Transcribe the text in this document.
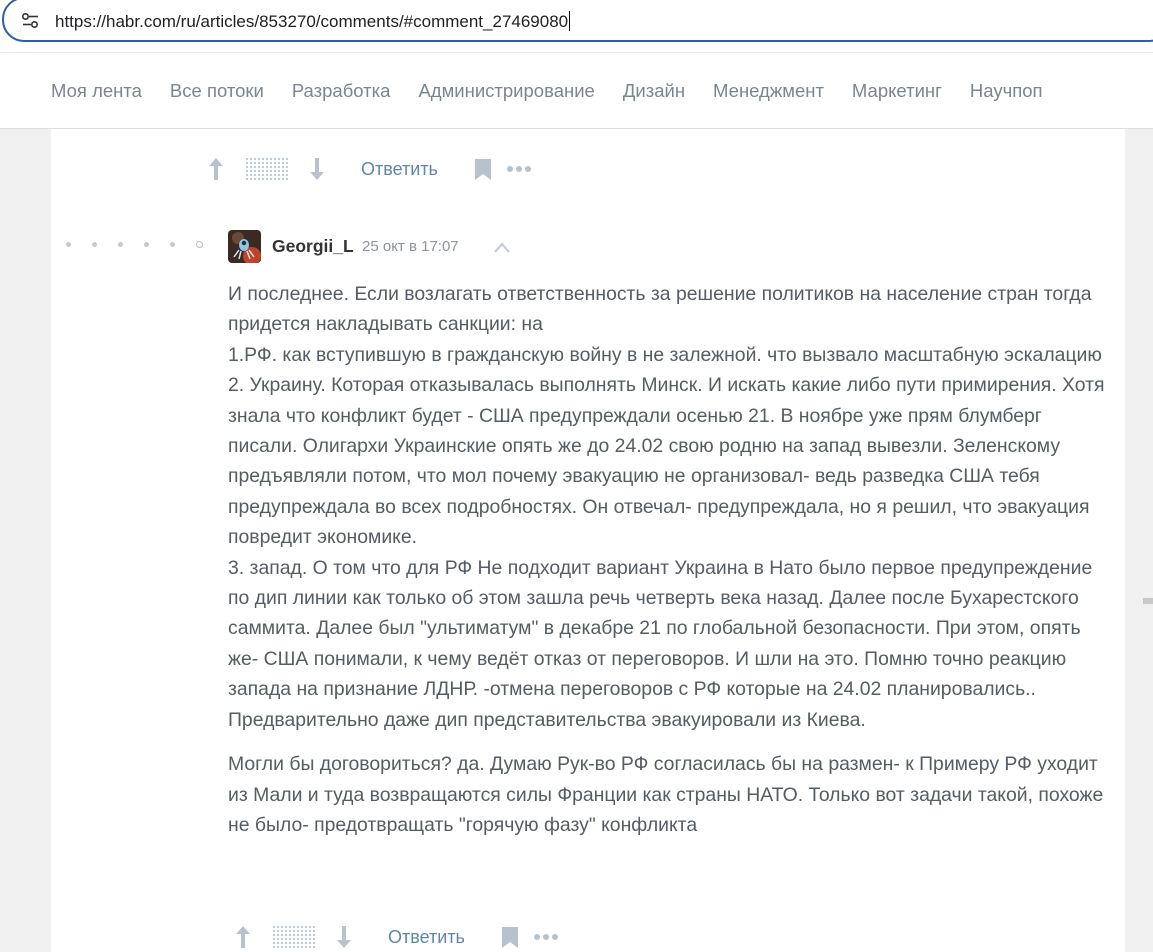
https://habr.com/ru/articles/853270/comments/#comment_27469080
Моя лента Все потоки Разработка Администрирование Дизайн Менеджмент Маркетинг Научпоп
Ответить
Georgii_L 25 окт в 17:07

И последнее. Если возлагать ответственность за решение политиков на население стран тогда придется накладывать санкции: на

1.РФ. как вступившую в гражданскую войну в не залежной. что вызвало масштабную эскалацию

2. Украину. Которая отказывалась выполнять Минск. И искать какие либо пути примирения. Хотя знала что конфликт будет - США предупреждали осенью 21. В ноябре уже прям блумберг писали. Олигархи Украинские опять же до 24.02 свою родню на запад вывезли. Зеленскому предъявляли потом, что мол почему эвакуацию не организовал- ведь разведка США тебя предупреждала во всех подробностях. Он отвечал- предупреждала, но я решил, что эвакуация повредит экономике.

3. запад. О том что для РФ Не подходит вариант Украина в Нато было первое предупреждение по дип линии как только об этом зашла речь четверть века назад. Далее после Бухарестского саммита. Далее был "ультиматум" в декабре 21 по глобальной безопасности. При этом, опять же- США понимали, к чему ведёт отказ от переговоров. И шли на это. Помню точно реакцию запада на признание ЛДНР. -отмена переговоров с РФ которые на 24.02 планировались..

Предварительно даже дип представительства эвакуировали из Киева.

Могли бы договориться? да. Думаю Рук-во РФ согласилась бы на размен- к Примеру РФ уходит из Мали и туда возвращаются силы Франции как страны НАТО. Только вот задачи такой, похоже не было- предотвращать "горячую фазу" конфликта

Ответить
